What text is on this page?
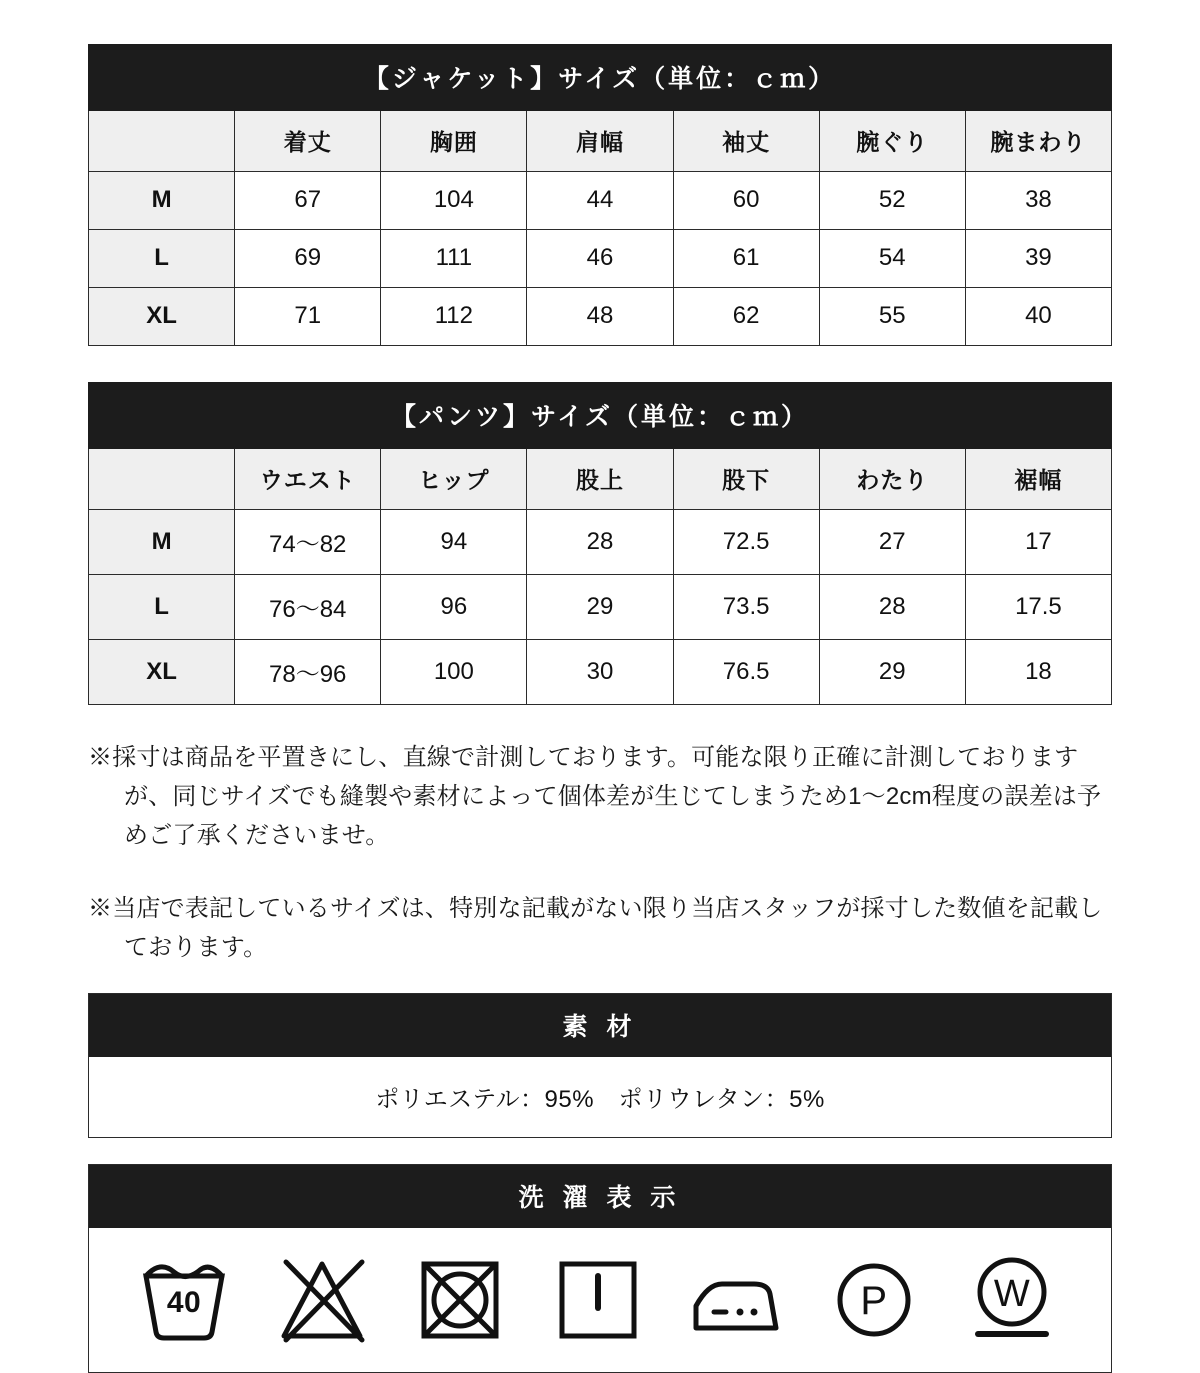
【ジャケット】サイズ（単位：ｃｍ）						
	着丈	胸囲	肩幅	袖丈	腕ぐり	腕まわり
M	67	104	44	60	52	38
L	69	111	46	61	54	39
XL	71	112	48	62	55	40
【パンツ】サイズ（単位：ｃｍ）						
	ウエスト	ヒップ	股上	股下	わたり	裾幅
M	74〜82	94	28	72.5	27	17
L	76〜84	96	29	73.5	28	17.5
XL	78〜96	100	30	76.5	29	18

※採寸は商品を平置きにし、直線で計測しております。可能な限り正確に計測しておりますが、同じサイズでも縫製や素材によって個体差が生じてしまうため1〜2cm程度の誤差は予めご了承くださいませ。

※当店で表記しているサイズは、特別な記載がない限り当店スタッフが採寸した数値を記載しております。

素 材
ポリエステル：95%　ポリウレタン：5%
洗 濯 表 示
40	P	W
